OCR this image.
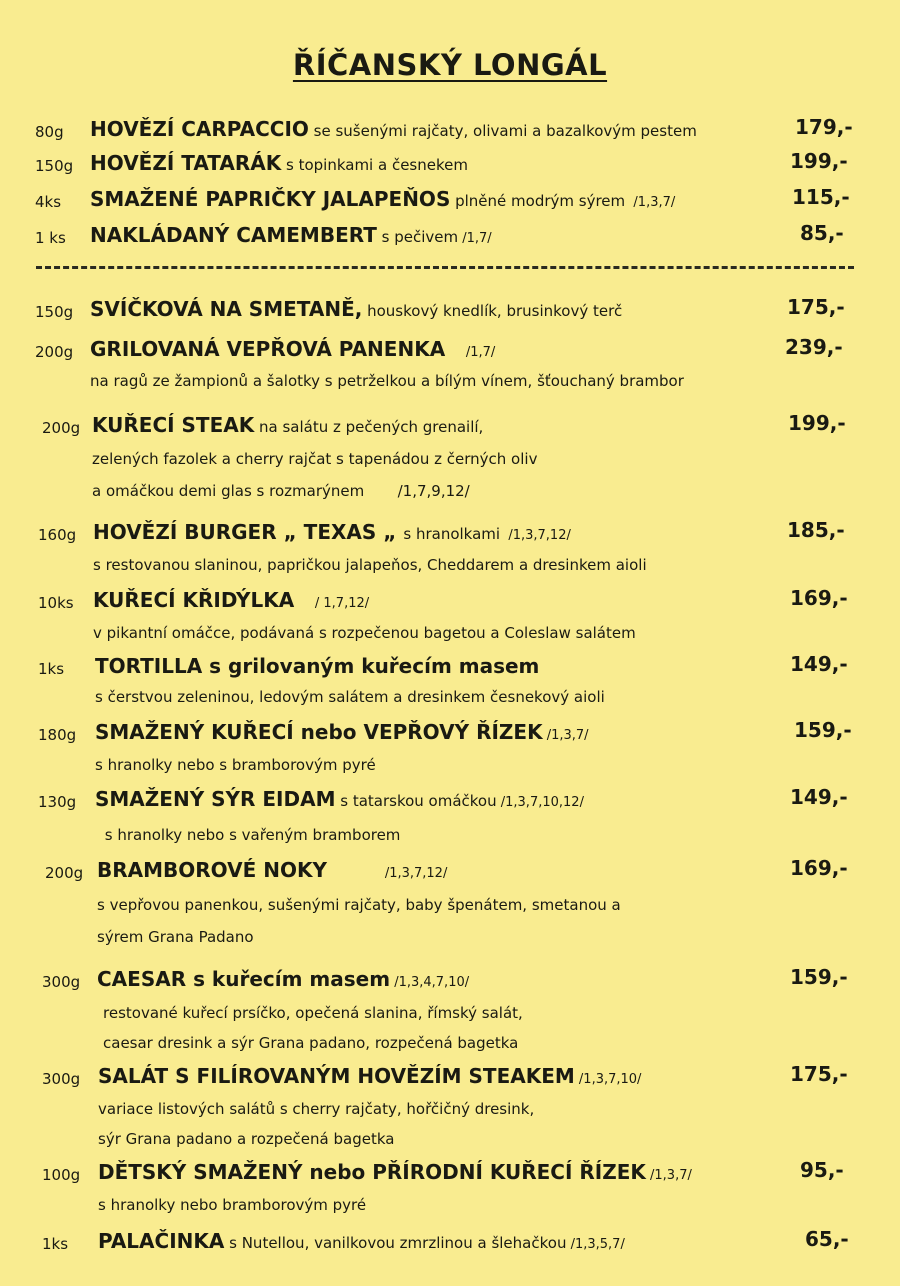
ŘÍČANSKÝ LONGÁL
80g HOVĚZÍ CARPACCIO se sušenými rajčaty, olivami a bazalkovým pestem	179,-
150g HOVĚZÍ TATARÁK s topinkami a česnekem	199,-
4ks SMAŽENÉ PAPRIČKY JALAPEŇOS plněné modrým sýrem  /1,3,7/	115,-
1 ks NAKLÁDANÝ CAMEMBERT s pečivem /1,7/	85,-
150g SVÍČKOVÁ NA SMETANĚ, houskový knedlík, brusinkový terč	175,-
200g GRILOVANÁ VEPŘOVÁ PANENKA     /1,7/	239,-
na ragů ze žampionů a šalotky s petrželkou a bílým vínem, šťouchaný brambor
200g KUŘECÍ STEAK na salátu z pečených grenailí,	199,-
zelených fazolek a cherry rajčat s tapenádou z černých oliv
a omáčkou demi glas s rozmarýnem       /1,7,9,12/
160g HOVĚZÍ BURGER „ TEXAS „ s hranolkami  /1,3,7,12/	185,-
s restovanou slaninou, papričkou jalapeňos, Cheddarem a dresinkem aioli
10ks KUŘECÍ KŘIDÝLKA     / 1,7,12/	169,-
v pikantní omáčce, podávaná s rozpečenou bagetou a Coleslaw salátem
1ks TORTILLA s grilovaným kuřecím masem	149,-
s čerstvou zeleninou, ledovým salátem a dresinkem česnekový aioli
180g SMAŽENÝ KUŘECÍ nebo VEPŘOVÝ ŘÍZEK /1,3,7/	159,-
s hranolky nebo s bramborovým pyré
130g SMAŽENÝ SÝR EIDAM s tatarskou omáčkou /1,3,7,10,12/	149,-
s hranolky nebo s vařeným bramborem
200g BRAMBOROVÉ NOKY              /1,3,7,12/	169,-
s vepřovou panenkou, sušenými rajčaty, baby špenátem, smetanou a
sýrem Grana Padano
300g CAESAR s kuřecím masem /1,3,4,7,10/	159,-
restované kuřecí prsíčko, opečená slanina, římský salát,
caesar dresink a sýr Grana padano, rozpečená bagetka
300g SALÁT S FILÍROVANÝM HOVĚZÍM STEAKEM /1,3,7,10/	175,-
variace listových salátů s cherry rajčaty, hořčičný dresink,
sýr Grana padano a rozpečená bagetka
100g DĚTSKÝ SMAŽENÝ nebo PŘÍRODNÍ KUŘECÍ ŘÍZEK /1,3,7/	95,-
s hranolky nebo bramborovým pyré
1ks PALAČINKA s Nutellou, vanilkovou zmrzlinou a šlehačkou /1,3,5,7/	65,-
